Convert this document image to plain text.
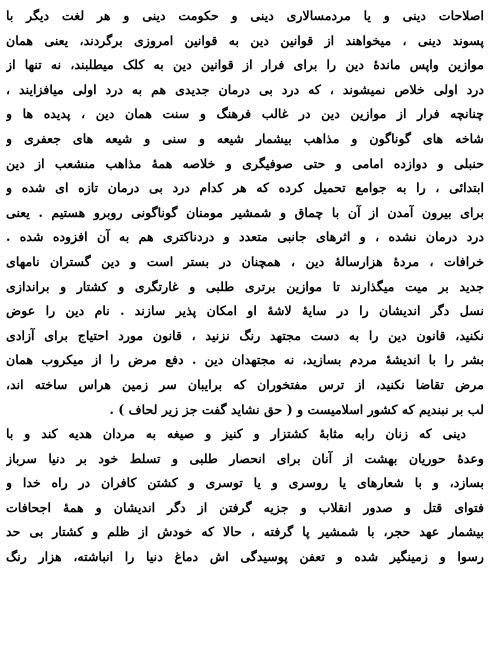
اصلاحات دینی و یا مردمسالاری دینی و حکومت دینی و هر لغت دیگر با
پسوند دینی ، میخواهند از قوانین دین به قوانین امروزی برگردند، یعنی همان
موازین واپس ماندهٔ دین را برای فرار از قوانین دین به کلک میطلبند، نه تنها از
درد اولی خلاص نمیشوند ، که درد بی درمان جدیدی هم به درد اولی میافزایند ،
چنانچه فرار از موازین دین در غالب فرهنگ و سنت همان دین ، پدیده ها و
شاخه های گوناگون و مذاهب بیشمار شیعه و سنی و شیعه های جعفری و
حنبلی و دوازده امامی و حتی صوفیگری و خلاصه همهٔ مذاهب منشعب از دین
ابتدائی ، را به جوامع تحمیل کرده که هر کدام درد بی درمان تازه ای شده و
برای بیرون آمدن از آن با چماق و شمشیر مومنان گوناگونی روبرو هستیم . یعنی
درد درمان نشده ، و اثرهای جانبی متعدد و دردناکتری هم به آن افزوده شده .
خرافات ، مردهٔ هزارسالهٔ دین ، همچنان در بستر است و دین گستران نامهای
جدید بر میت میگذارند تا موازین برتری طلبی و غارتگری و کشتار و براندازی
نسل دگر اندیشان را در سایهٔ لاشهٔ او امکان پذیر سازند . نام دین را عوض
نکنید، قانون دین را به دست مجتهد رنگ نزنید ، قانون مورد احتیاج برای آزادی
بشر را با اندیشهٔ مردم بسازید، نه مجتهدان دین . دفع مرض را از میکروب همان
مرض تقاضا نکنید، از ترس مفتخوران که برایبان سر زمین هراس ساخته اند،
لب بر نبندیم که کشور اسلامیست و ( حق نشاید گفت جز زیر لحاف ) .
دینی که زنان رابه مثابهٔ کشتزار و کنیز و صیغه به مردان هدیه کند و با
وعدهٔ حوریان بهشت از آنان برای انحصار طلبی و تسلط خود بر دنیا سرباز
بسازد، و با شعارهای یا روسری و یا توسری و کشتن کافران در راه خدا و
فتوای قتل و صدور انقلاب و جزیه گرفتن از دگر اندیشان و همهٔ اجحافات
بیشمار عهد حجر، با شمشیر پا گرفته ، حالا که خودش از ظلم و کشتار بی حد
رسوا و زمینگیر شده و تعفن پوسیدگی اش دماغ دنیا را انباشته، هزار رنگ
